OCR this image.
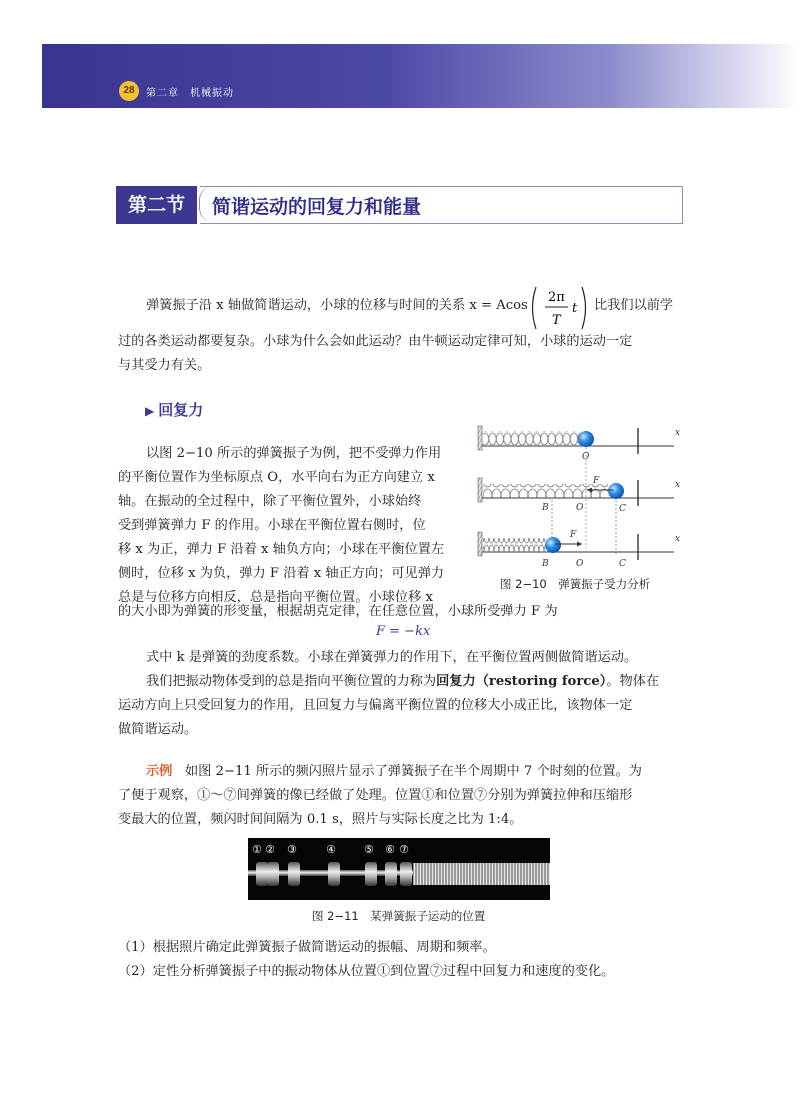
28	第二章　机械振动
第二节	简谐运动的回复力和能量
弹簧振子沿 x 轴做简谐运动，小球的位移与时间的关系 x = Acos
2π
T
t 比我们以前学
过的各类运动都要复杂。小球为什么会如此运动？由牛顿运动定律可知，小球的运动一定
与其受力有关。
▶ 回复力
以图 2−10 所示的弹簧振子为例，把不受弹力作用
的平衡位置作为坐标原点 O，水平向右为正方向建立 x
轴。在振动的全过程中，除了平衡位置外，小球始终
受到弹簧弹力 F 的作用。小球在平衡位置右侧时，位
移 x 为正，弹力 F 沿着 x 轴负方向；小球在平衡位置左
侧时，位移 x 为负，弹力 F 沿着 x 轴正方向；可见弹力
总是与位移方向相反，总是指向平衡位置。小球位移 x
的大小即为弹簧的形变量，根据胡克定律，在任意位置，小球所受弹力 F 为
O
x
F	x
B	O	C
F	x
B	O	C
图 2−10　弹簧振子受力分析
F = −kx
式中 k 是弹簧的劲度系数。小球在弹簧弹力的作用下，在平衡位置两侧做简谐运动。
我们把振动物体受到的总是指向平衡位置的力称为回复力（restoring force）。物体在
运动方向上只受回复力的作用，且回复力与偏离平衡位置的位移大小成正比，该物体一定
做简谐运动。
示例 如图 2−11 所示的频闪照片显示了弹簧振子在半个周期中 7 个时刻的位置。为
了便于观察，①～⑦间弹簧的像已经做了处理。位置①和位置⑦分别为弹簧拉伸和压缩形
变最大的位置，频闪时间间隔为 0.1 s，照片与实际长度之比为 1:4。
① ② ③	④	⑤ ⑥ ⑦
图 2−11　某弹簧振子运动的位置
（1）根据照片确定此弹簧振子做简谐运动的振幅、周期和频率。
（2）定性分析弹簧振子中的振动物体从位置①到位置⑦过程中回复力和速度的变化。
